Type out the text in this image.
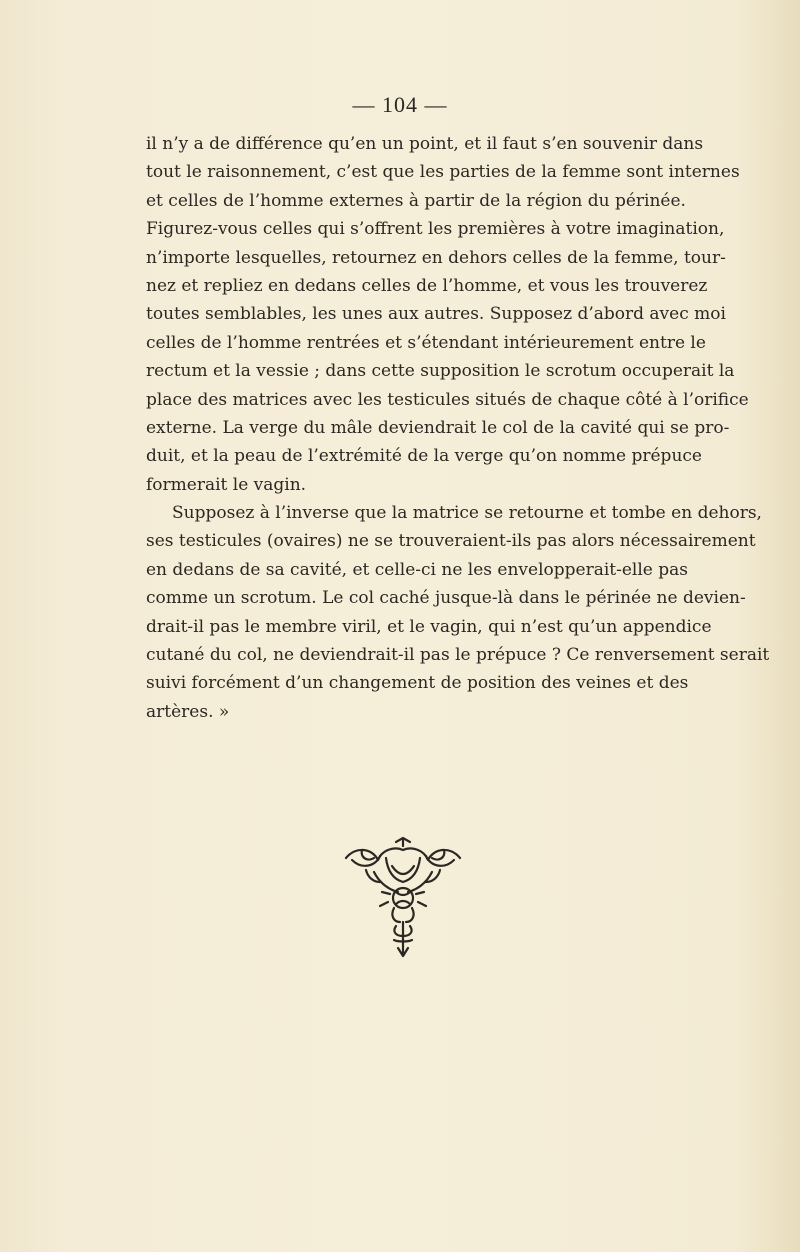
— 104 —
il n’y a de différence qu’en un point, et il faut s’en souvenir dans
tout le raisonnement, c’est que les parties de la femme sont internes
et celles de l’homme externes à partir de la région du périnée.
Figurez-vous celles qui s’offrent les premières à votre imagination,
n’importe lesquelles, retournez en dehors celles de la femme, tour-
nez et repliez en dedans celles de l’homme, et vous les trouverez
toutes semblables, les unes aux autres. Supposez d’abord avec moi
celles de l’homme rentrées et s’étendant intérieurement entre le
rectum et la vessie ; dans cette supposition le scrotum occuperait la
place des matrices avec les testicules situés de chaque côté à l’orifice
externe. La verge du mâle deviendrait le col de la cavité qui se pro-
duit, et la peau de l’extrémité de la verge qu’on nomme prépuce
formerait le vagin.
Supposez à l’inverse que la matrice se retourne et tombe en dehors,
ses testicules (ovaires) ne se trouveraient-ils pas alors nécessairement
en dedans de sa cavité, et celle-ci ne les envelopperait-elle pas
comme un scrotum. Le col caché jusque-là dans le périnée ne devien-
drait-il pas le membre viril, et le vagin, qui n’est qu’un appendice
cutané du col, ne deviendrait-il pas le prépuce ? Ce renversement serait
suivi forcément d’un changement de position des veines et des
artères. »
